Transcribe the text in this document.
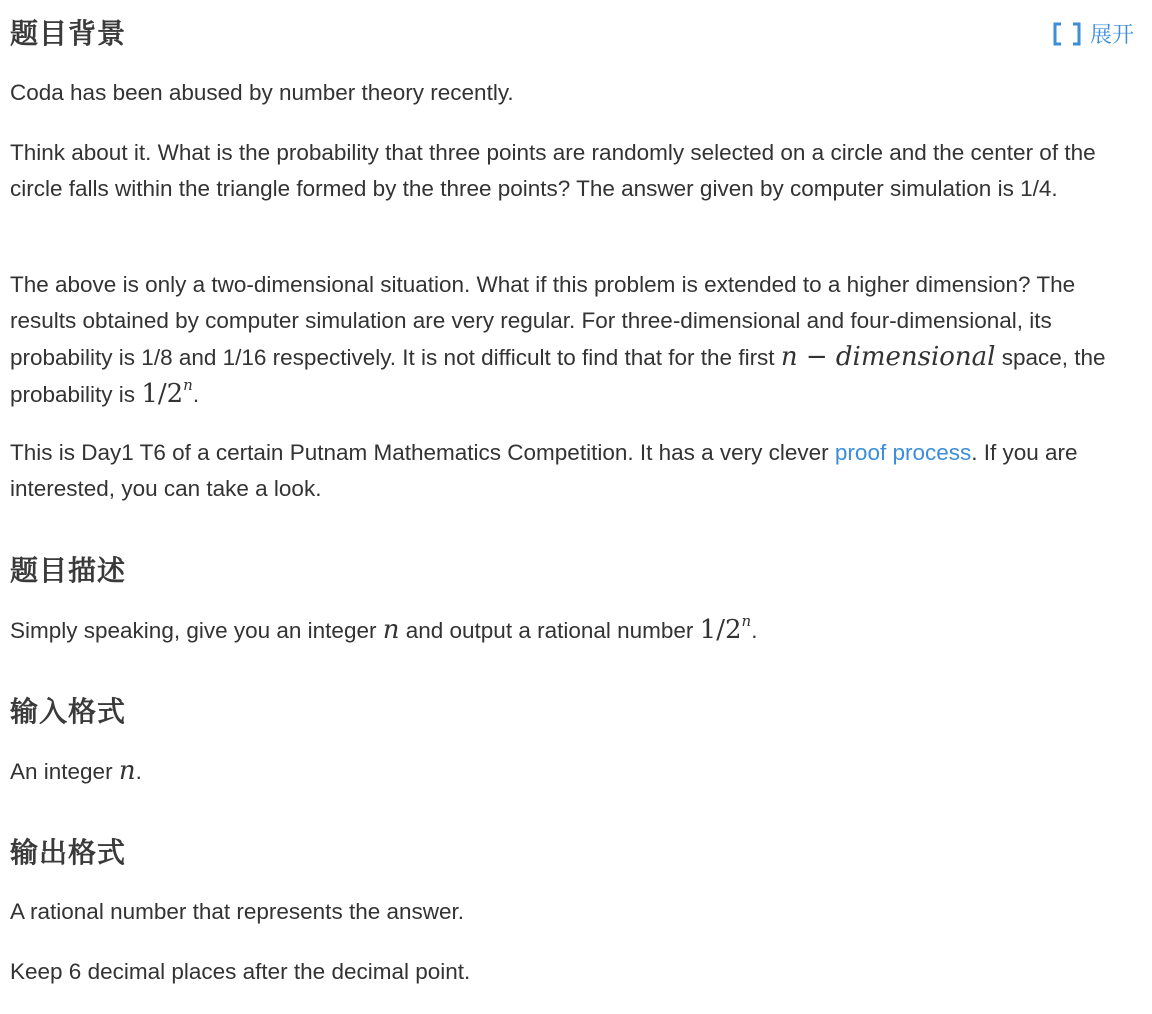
展开
题目背景

Coda has been abused by number theory recently.

Think about it. What is the probability that three points are randomly selected on a circle and the center of the circle falls within the triangle formed by the three points? The answer given by computer simulation is 1/4.

The above is only a two-dimensional situation. What if this problem is extended to a higher dimension? The results obtained by computer simulation are very regular. For three-dimensional and four-dimensional, its probability is 1/8 and 1/16 respectively. It is not difficult to find that for the first n − dimensional space, the probability is 1/2$^n$.

This is Day1 T6 of a certain Putnam Mathematics Competition. It has a very clever proof process. If you are interested, you can take a look.

题目描述

Simply speaking, give you an integer n and output a rational number 1/2$^n$.

输入格式

An integer n.

输出格式

A rational number that represents the answer.

Keep 6 decimal places after the decimal point.
